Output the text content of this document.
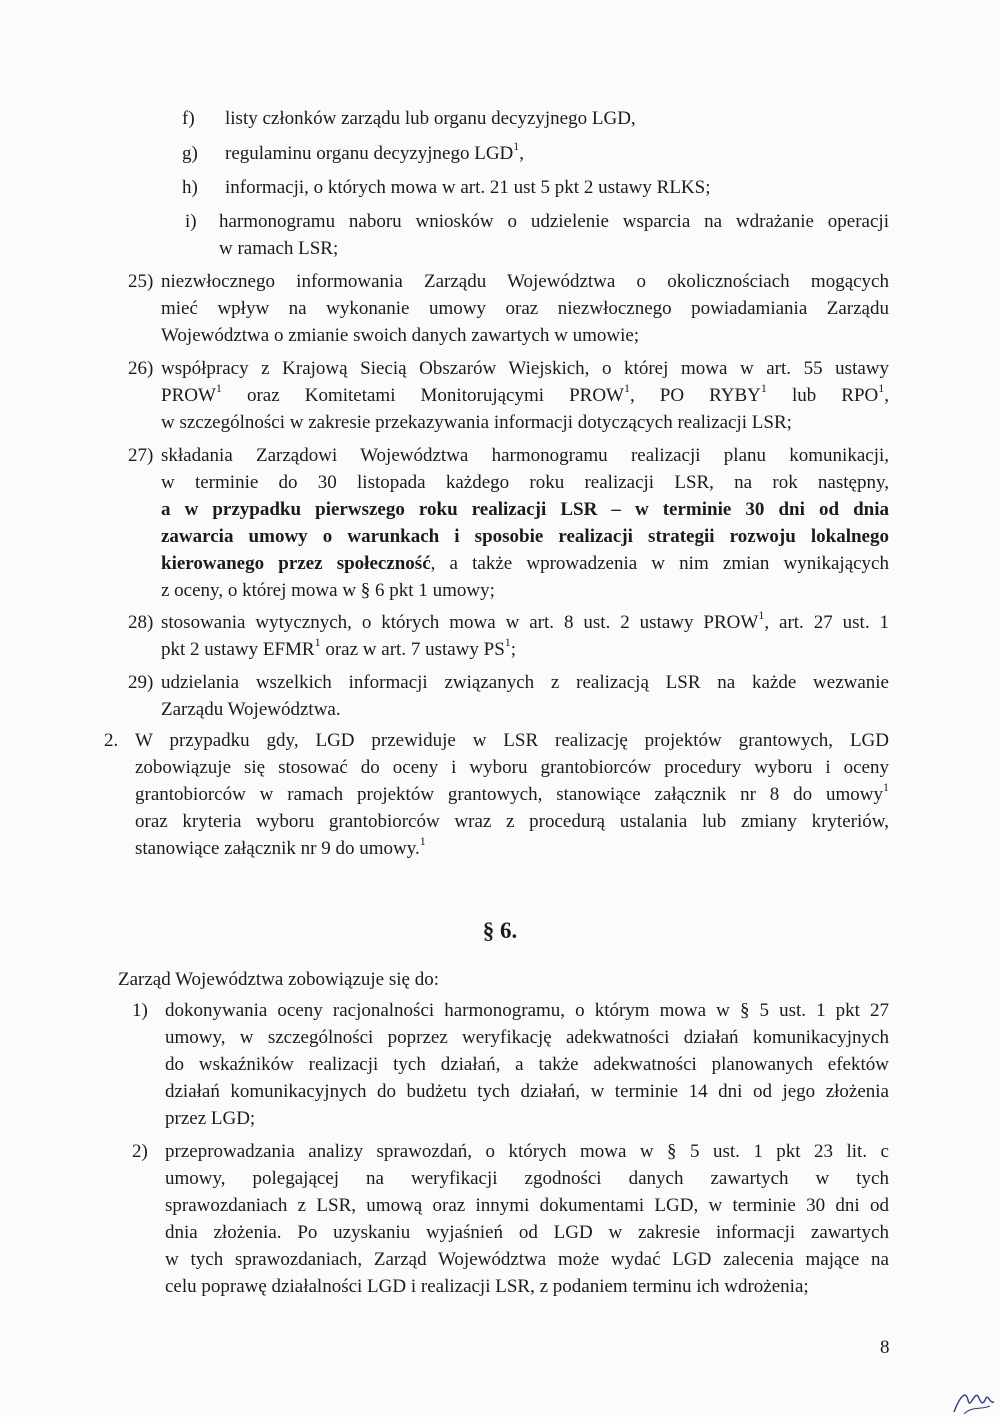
f) listy członków zarządu lub organu decyzyjnego LGD,
g) regulaminu organu decyzyjnego LGD$^1$,
h) informacji, o których mowa w art. 21 ust 5 pkt 2 ustawy RLKS;
i) harmonogramu naboru wniosków o udzielenie wsparcia na wdrażanie operacji
w ramach LSR;
25) niezwłocznego informowania Zarządu Województwa o okolicznościach mogących
mieć wpływ na wykonanie umowy oraz niezwłocznego powiadamiania Zarządu
Województwa o zmianie swoich danych zawartych w umowie;
26) współpracy z Krajową Siecią Obszarów Wiejskich, o której mowa w art. 55 ustawy
PROW$^1$ oraz Komitetami Monitorującymi PROW$^1$, PO RYBY$^1$ lub RPO$^1$,
w szczególności w zakresie przekazywania informacji dotyczących realizacji LSR;
27) składania Zarządowi Województwa harmonogramu realizacji planu komunikacji,
w terminie do 30 listopada każdego roku realizacji LSR, na rok następny,
a w przypadku pierwszego roku realizacji LSR – w terminie 30 dni od dnia
zawarcia umowy o warunkach i sposobie realizacji strategii rozwoju lokalnego
kierowanego przez społeczność, a także wprowadzenia w nim zmian wynikających
z oceny, o której mowa w § 6 pkt 1 umowy;
28) stosowania wytycznych, o których mowa w art. 8 ust. 2 ustawy PROW$^1$, art. 27 ust. 1
pkt 2 ustawy EFMR$^1$ oraz w art. 7 ustawy $PS^1$;
29) udzielania wszelkich informacji związanych z realizacją LSR na każde wezwanie
Zarządu Województwa.
2. W przypadku gdy, LGD przewiduje w LSR realizację projektów grantowych, LGD
zobowiązuje się stosować do oceny i wyboru grantobiorców procedury wyboru i oceny
grantobiorców w ramach projektów grantowych, stanowiące załącznik nr 8 do umowy$^1$
oraz kryteria wyboru grantobiorców wraz z procedurą ustalania lub zmiany kryteriów,
stanowiące załącznik nr 9 do umowy.$^1$
Zarząd Województwa zobowiązuje się do:
1) dokonywania oceny racjonalności harmonogramu, o którym mowa w § 5 ust. 1 pkt 27
umowy, w szczególności poprzez weryfikację adekwatności działań komunikacyjnych
do wskaźników realizacji tych działań, a także adekwatności planowanych efektów
działań komunikacyjnych do budżetu tych działań, w terminie 14 dni od jego złożenia
przez LGD;
2) przeprowadzania analizy sprawozdań, o których mowa w § 5 ust. 1 pkt 23 lit. c
umowy, polegającej na weryfikacji zgodności danych zawartych w tych
sprawozdaniach z LSR, umową oraz innymi dokumentami LGD, w terminie 30 dni od
dnia złożenia. Po uzyskaniu wyjaśnień od LGD w zakresie informacji zawartych
w tych sprawozdaniach, Zarząd Województwa może wydać LGD zalecenia mające na
celu poprawę działalności LGD i realizacji LSR, z podaniem terminu ich wdrożenia;
§ 6.
8
